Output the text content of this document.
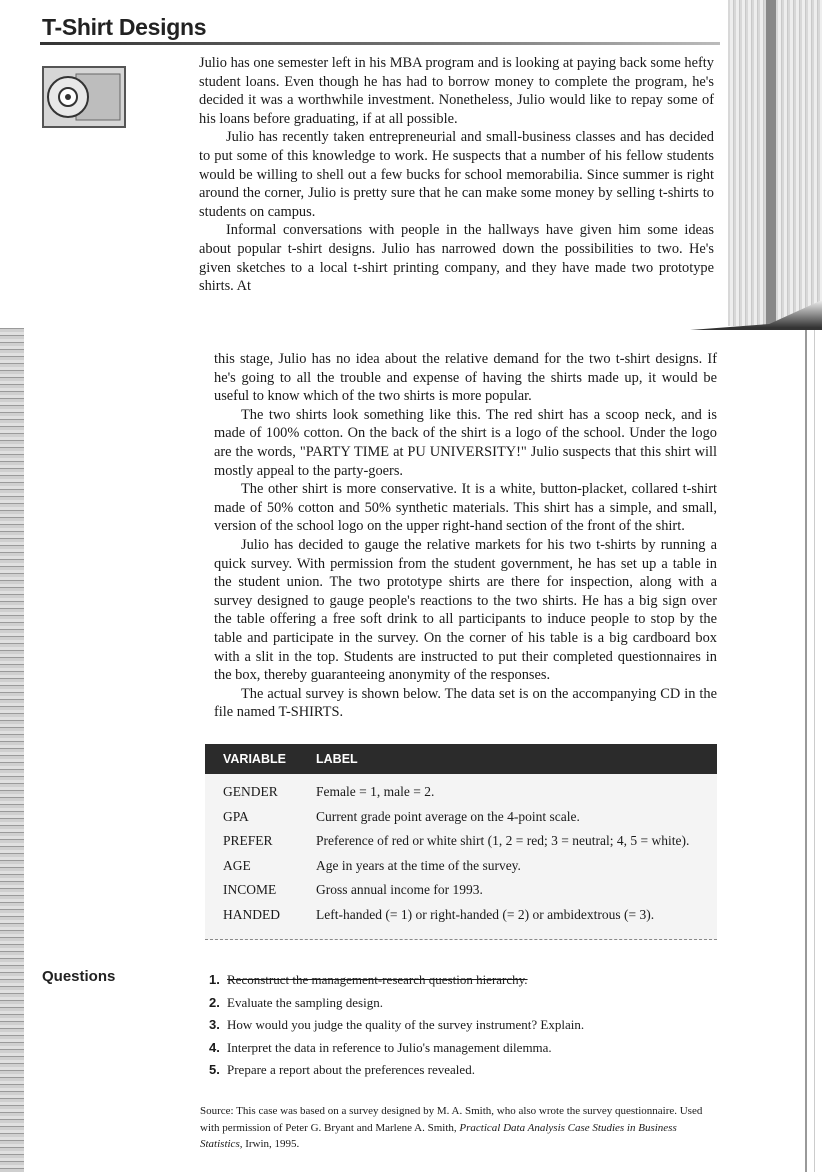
T-Shirt Designs

Julio has one semester left in his MBA program and is looking at paying back some hefty student loans. Even though he has had to borrow money to complete the program, he's decided it was a worthwhile investment. Nonetheless, Julio would like to repay some of his loans before graduating, if at all possible.

Julio has recently taken entrepreneurial and small-business classes and has decided to put some of this knowledge to work. He suspects that a number of his fellow students would be willing to shell out a few bucks for school memorabilia. Since summer is right around the corner, Julio is pretty sure that he can make some money by selling t-shirts to students on campus.

Informal conversations with people in the hallways have given him some ideas about popular t-shirt designs. Julio has narrowed down the possibilities to two. He's given sketches to a local t-shirt printing company, and they have made two prototype shirts. At

this stage, Julio has no idea about the relative demand for the two t-shirt designs. If he's going to all the trouble and expense of having the shirts made up, it would be useful to know which of the two shirts is more popular.

The two shirts look something like this. The red shirt has a scoop neck, and is made of 100% cotton. On the back of the shirt is a logo of the school. Under the logo are the words, "PARTY TIME at PU UNIVERSITY!" Julio suspects that this shirt will mostly appeal to the party-goers.

The other shirt is more conservative. It is a white, button-placket, collared t-shirt made of 50% cotton and 50% synthetic materials. This shirt has a simple, and small, version of the school logo on the upper right-hand section of the front of the shirt.

Julio has decided to gauge the relative markets for his two t-shirts by running a quick survey. With permission from the student government, he has set up a table in the student union. The two prototype shirts are there for inspection, along with a survey designed to gauge people's reactions to the two shirts. He has a big sign over the table offering a free soft drink to all participants to induce people to stop by the table and participate in the survey. On the corner of his table is a big cardboard box with a slit in the top. Students are instructed to put their completed questionnaires in the box, thereby guaranteeing anonymity of the responses.

The actual survey is shown below. The data set is on the accompanying CD in the file named T-SHIRTS.

VARIABLE	LABEL
GENDER	Female = 1, male = 2.
GPA	Current grade point average on the 4-point scale.
PREFER	Preference of red or white shirt (1, 2 = red; 3 = neutral; 4, 5 = white).
AGE	Age in years at the time of the survey.
INCOME	Gross annual income for 1993.
HANDED	Left-handed (= 1) or right-handed (= 2) or ambidextrous (= 3).
Questions	1. Reconstruct the management-research question hierarchy.
2. Evaluate the sampling design.
3. How would you judge the quality of the survey instrument? Explain.
4. Interpret the data in reference to Julio's management dilemma.
5. Prepare a report about the preferences revealed.
Source: This case was based on a survey designed by M. A. Smith, who also wrote the survey questionnaire. Used with permission of Peter G. Bryant and Marlene A. Smith, Practical Data Analysis Case Studies in Business Statistics, Irwin, 1995.
